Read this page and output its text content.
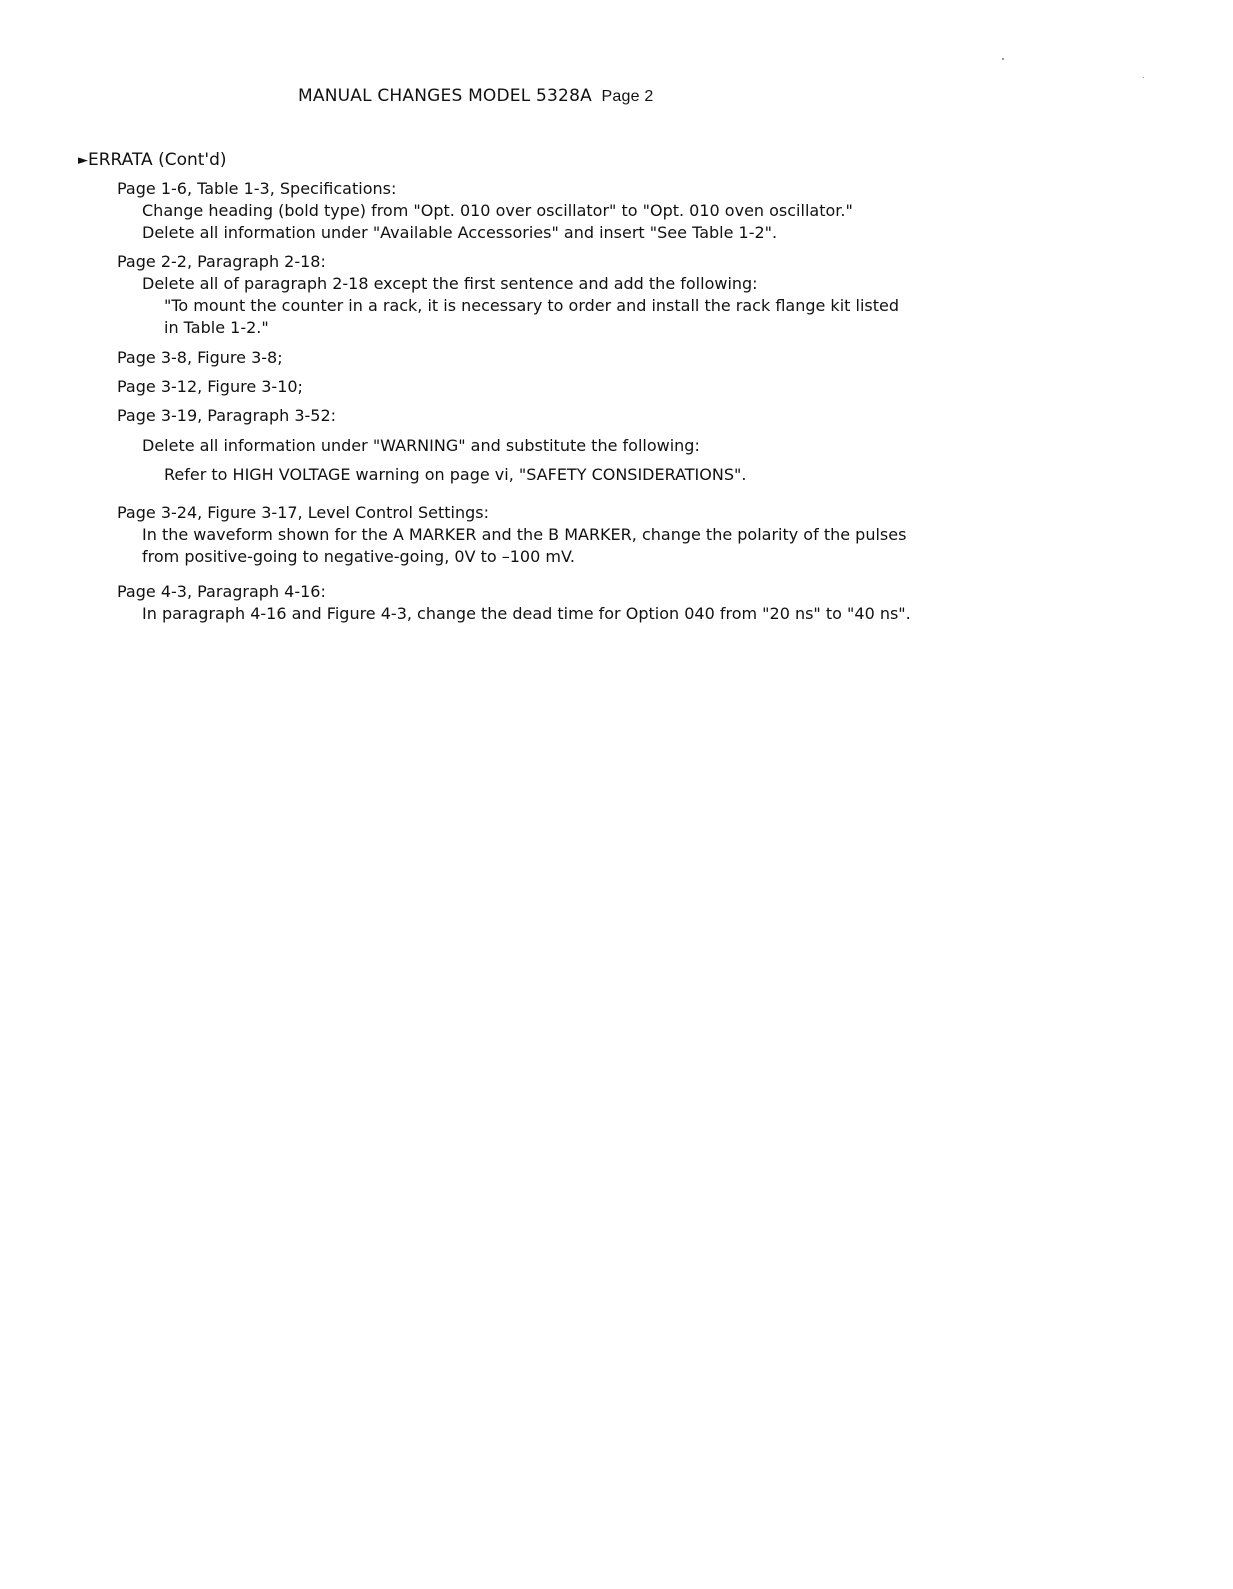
MANUAL CHANGES MODEL 5328A Page 2
►ERRATA (Cont'd)
Page 1-6, Table 1-3, Specifications:
Change heading (bold type) from "Opt. 010 over oscillator" to "Opt. 010 oven oscillator."
Delete all information under "Available Accessories" and insert "See Table 1-2".
Page 2-2, Paragraph 2-18:
Delete all of paragraph 2-18 except the first sentence and add the following:
"To mount the counter in a rack, it is necessary to order and install the rack flange kit listed
in Table 1-2."
Page 3-8, Figure 3-8;
Page 3-12, Figure 3-10;
Page 3-19, Paragraph 3-52:
Delete all information under "WARNING" and substitute the following:
Refer to HIGH VOLTAGE warning on page vi, "SAFETY CONSIDERATIONS".
Page 3-24, Figure 3-17, Level Control Settings:
In the waveform shown for the A MARKER and the B MARKER, change the polarity of the pulses
from positive-going to negative-going, 0V to –100 mV.
Page 4-3, Paragraph 4-16:
In paragraph 4-16 and Figure 4-3, change the dead time for Option 040 from "20 ns" to "40 ns".
